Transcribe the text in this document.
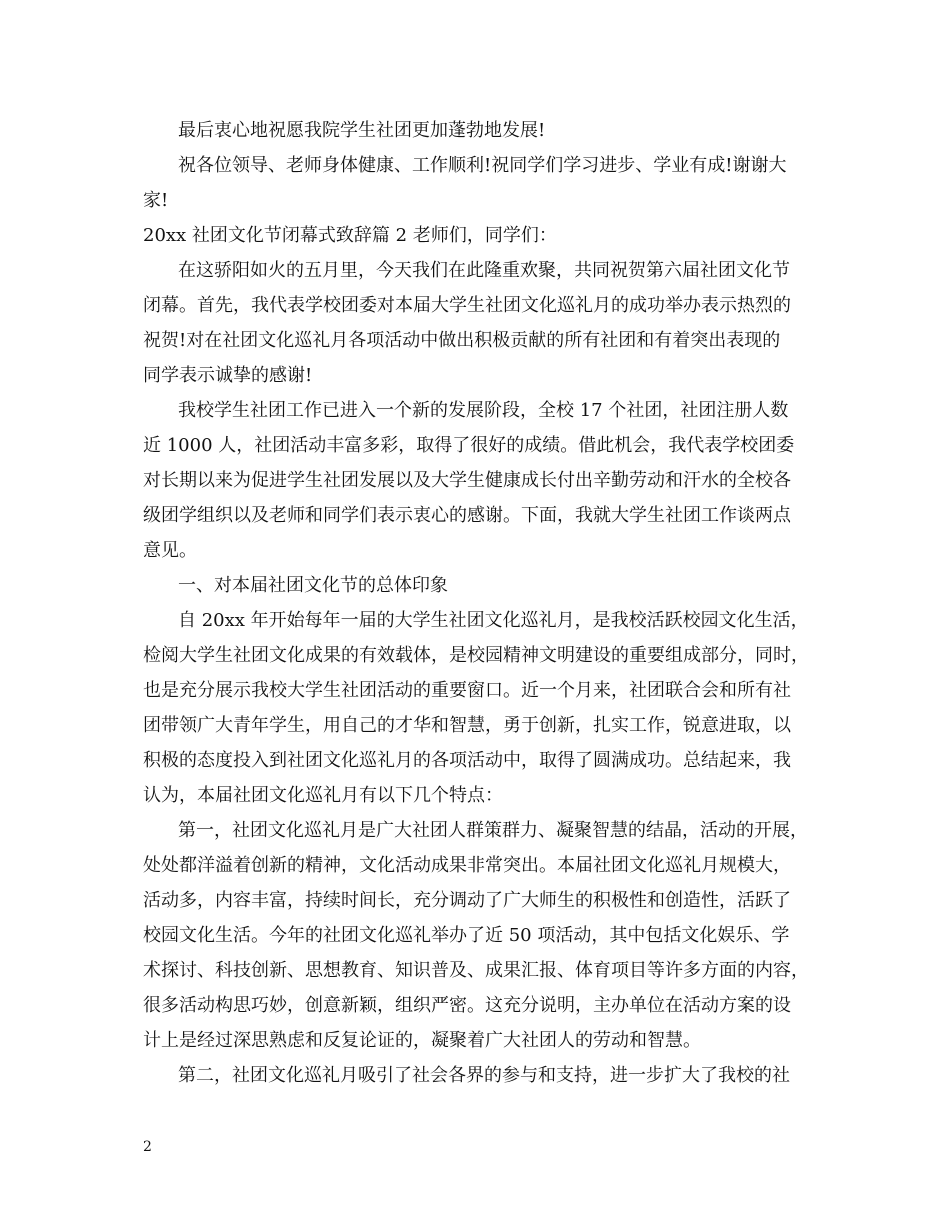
最后衷心地祝愿我院学生社团更加蓬勃地发展!
祝各位领导、老师身体健康、工作顺利!祝同学们学习进步、学业有成!谢谢大
家!
20xx 社团文化节闭幕式致辞篇 2 老师们，同学们：
在这骄阳如火的五月里，今天我们在此隆重欢聚，共同祝贺第六届社团文化节
闭幕。首先，我代表学校团委对本届大学生社团文化巡礼月的成功举办表示热烈的
祝贺!对在社团文化巡礼月各项活动中做出积极贡献的所有社团和有着突出表现的
同学表示诚挚的感谢!
我校学生社团工作已进入一个新的发展阶段，全校 17 个社团，社团注册人数
近 1000 人，社团活动丰富多彩，取得了很好的成绩。借此机会，我代表学校团委
对长期以来为促进学生社团发展以及大学生健康成长付出辛勤劳动和汗水的全校各
级团学组织以及老师和同学们表示衷心的感谢。下面，我就大学生社团工作谈两点
意见。
一、对本届社团文化节的总体印象
自 20xx 年开始每年一届的大学生社团文化巡礼月，是我校活跃校园文化生活，
检阅大学生社团文化成果的有效载体，是校园精神文明建设的重要组成部分，同时，
也是充分展示我校大学生社团活动的重要窗口。近一个月来，社团联合会和所有社
团带领广大青年学生，用自己的才华和智慧，勇于创新，扎实工作，锐意进取，以
积极的态度投入到社团文化巡礼月的各项活动中，取得了圆满成功。总结起来，我
认为，本届社团文化巡礼月有以下几个特点：
第一，社团文化巡礼月是广大社团人群策群力、凝聚智慧的结晶，活动的开展，
处处都洋溢着创新的精神，文化活动成果非常突出。本届社团文化巡礼月规模大，
活动多，内容丰富，持续时间长，充分调动了广大师生的积极性和创造性，活跃了
校园文化生活。今年的社团文化巡礼举办了近 50 项活动，其中包括文化娱乐、学
术探讨、科技创新、思想教育、知识普及、成果汇报、体育项目等许多方面的内容，
很多活动构思巧妙，创意新颖，组织严密。这充分说明，主办单位在活动方案的设
计上是经过深思熟虑和反复论证的，凝聚着广大社团人的劳动和智慧。
第二，社团文化巡礼月吸引了社会各界的参与和支持，进一步扩大了我校的社
2
